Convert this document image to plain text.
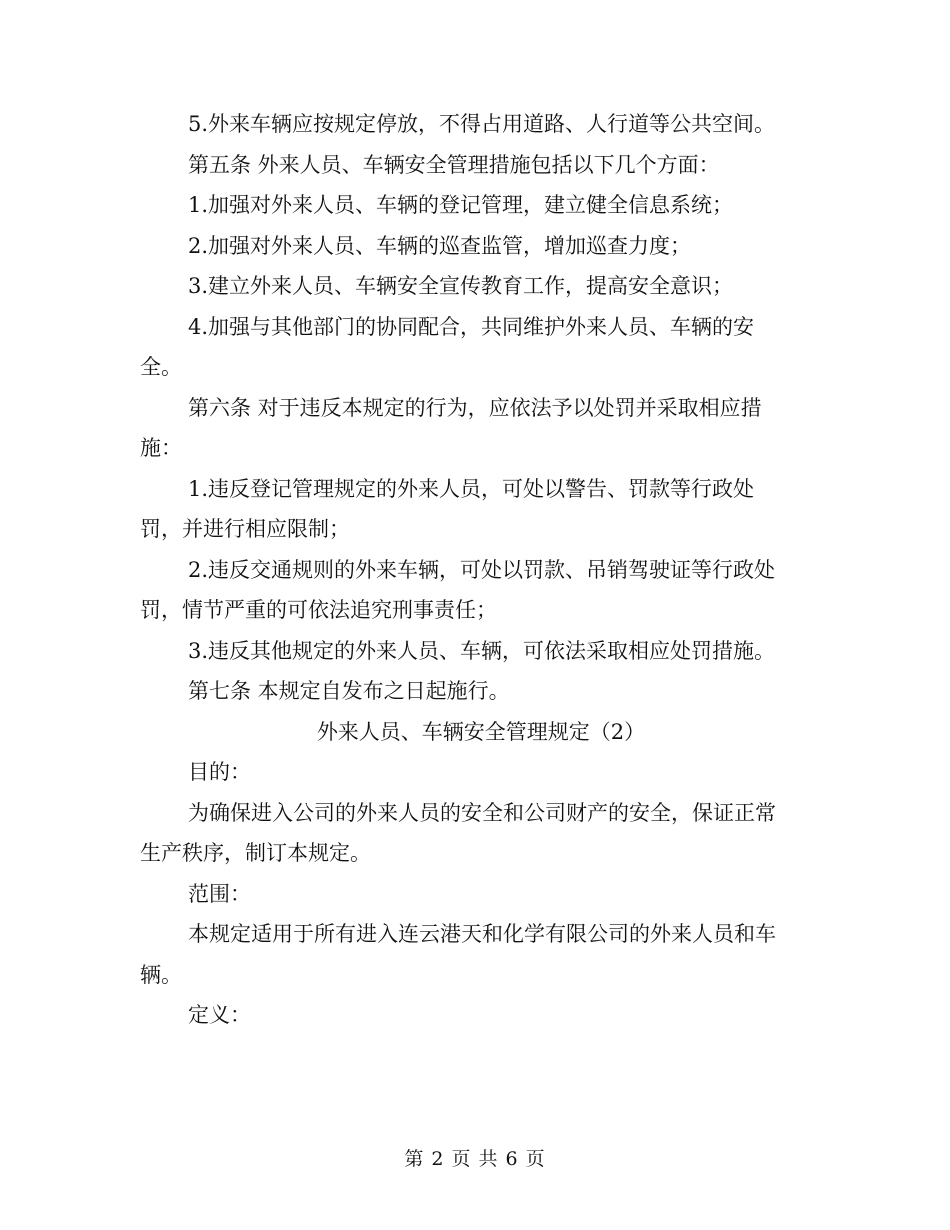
5.外来车辆应按规定停放，不得占用道路、人行道等公共空间。

第五条 外来人员、车辆安全管理措施包括以下几个方面：

1.加强对外来人员、车辆的登记管理，建立健全信息系统；

2.加强对外来人员、车辆的巡查监管，增加巡查力度；

3.建立外来人员、车辆安全宣传教育工作，提高安全意识；

4.加强与其他部门的协同配合，共同维护外来人员、车辆的安

全。

第六条 对于违反本规定的行为，应依法予以处罚并采取相应措

施：

1.违反登记管理规定的外来人员，可处以警告、罚款等行政处

罚，并进行相应限制；

2.违反交通规则的外来车辆，可处以罚款、吊销驾驶证等行政处

罚，情节严重的可依法追究刑事责任；

3.违反其他规定的外来人员、车辆，可依法采取相应处罚措施。

第七条 本规定自发布之日起施行。

外来人员、车辆安全管理规定（2）

目的：

为确保进入公司的外来人员的安全和公司财产的安全，保证正常

生产秩序，制订本规定。

范围：

本规定适用于所有进入连云港天和化学有限公司的外来人员和车

辆。

定义：

第 2 页 共 6 页
